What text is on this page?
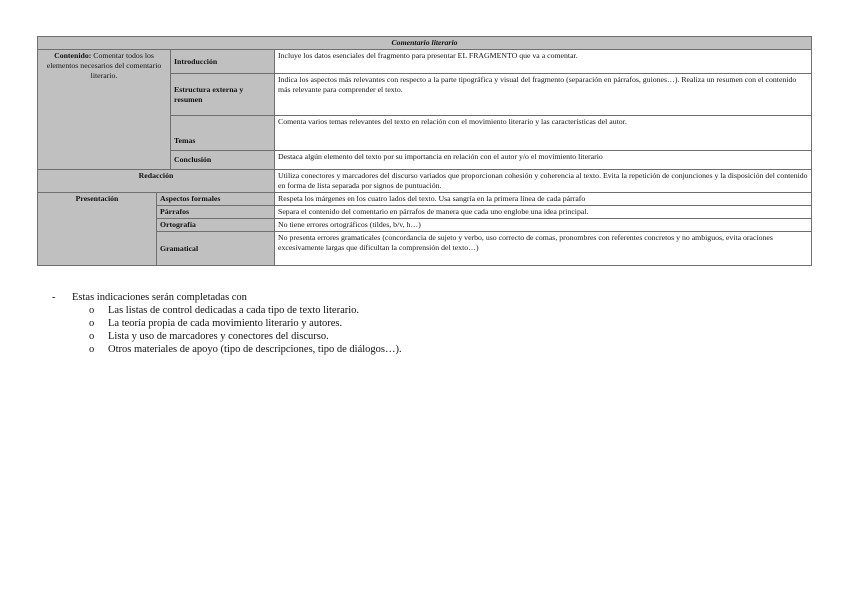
Comentario literario			
Contenido: Comentar todos los elementos necesarios del comentario literario.		Introducción	Incluye los datos esenciales del fragmento para presentar EL FRAGMENTO que va a comentar.
		Estructura externa y resumen	Indica los aspectos más relevantes con respecto a la parte tipográfica y visual del fragmento (separación en párrafos, guiones…). Realiza un resumen con el contenido más relevante para comprender el texto.
		Temas	Comenta varios temas relevantes del texto en relación con el movimiento literario y las características del autor.
		Conclusión	Destaca algún elemento del texto por su importancia en relación con el autor y/o el movimiento literario
Redacción			Utiliza conectores y marcadores del discurso variados que proporcionan cohesión y coherencia al texto. Evita la repetición de conjunciones y la disposición del contenido en forma de lista separada por signos de puntuación.
Presentación	Aspectos formales		Respeta los márgenes en los cuatro lados del texto. Usa sangría en la primera línea de cada párrafo
	Párrafos		Separa el contenido del comentario en párrafos de manera que cada uno englobe una idea principal.
	Ortografía		No tiene errores ortográficos (tildes, b/v, h…)
	Gramatical		No presenta errores gramaticales (concordancia de sujeto y verbo, uso correcto de comas, pronombres con referentes concretos y no ambiguos, evita oraciones excesivamente largas que dificultan la comprensión del texto…)
- Estas indicaciones serán completadas con
o Las listas de control dedicadas a cada tipo de texto literario.
o La teoría propia de cada movimiento literario y autores.
o Lista y uso de marcadores y conectores del discurso.
o Otros materiales de apoyo (tipo de descripciones, tipo de diálogos…).
